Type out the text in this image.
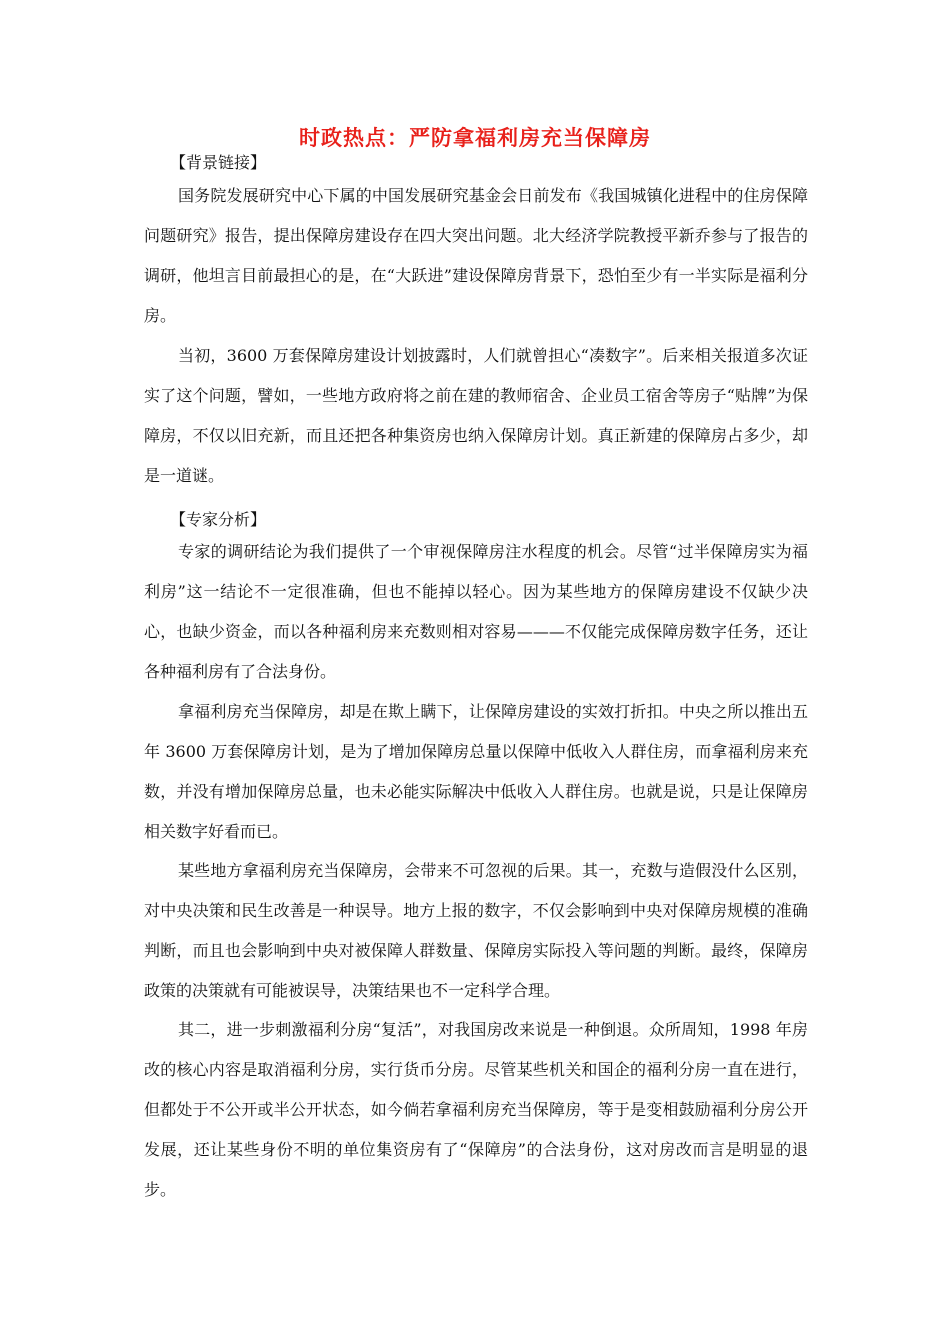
时政热点：严防拿福利房充当保障房
【背景链接】

国务院发展研究中心下属的中国发展研究基金会日前发布《我国城镇化进程中的住房保障问题研究》报告，提出保障房建设存在四大突出问题。北大经济学院教授平新乔参与了报告的调研，他坦言目前最担心的是，在“大跃进”建设保障房背景下，恐怕至少有一半实际是福利分房。

当初，3600 万套保障房建设计划披露时，人们就曾担心“凑数字”。后来相关报道多次证实了这个问题，譬如，一些地方政府将之前在建的教师宿舍、企业员工宿舍等房子“贴牌”为保障房，不仅以旧充新，而且还把各种集资房也纳入保障房计划。真正新建的保障房占多少，却是一道谜。

【专家分析】

专家的调研结论为我们提供了一个审视保障房注水程度的机会。尽管“过半保障房实为福利房”这一结论不一定很准确，但也不能掉以轻心。因为某些地方的保障房建设不仅缺少决心，也缺少资金，而以各种福利房来充数则相对容易———不仅能完成保障房数字任务，还让各种福利房有了合法身份。

拿福利房充当保障房，却是在欺上瞒下，让保障房建设的实效打折扣。中央之所以推出五年 3600 万套保障房计划，是为了增加保障房总量以保障中低收入人群住房，而拿福利房来充数，并没有增加保障房总量，也未必能实际解决中低收入人群住房。也就是说，只是让保障房相关数字好看而已。

某些地方拿福利房充当保障房，会带来不可忽视的后果。其一，充数与造假没什么区别，对中央决策和民生改善是一种误导。地方上报的数字，不仅会影响到中央对保障房规模的准确判断，而且也会影响到中央对被保障人群数量、保障房实际投入等问题的判断。最终，保障房政策的决策就有可能被误导，决策结果也不一定科学合理。

其二，进一步刺激福利分房“复活”，对我国房改来说是一种倒退。众所周知，1998 年房改的核心内容是取消福利分房，实行货币分房。尽管某些机关和国企的福利分房一直在进行，但都处于不公开或半公开状态，如今倘若拿福利房充当保障房，等于是变相鼓励福利分房公开发展，还让某些身份不明的单位集资房有了“保障房”的合法身份，这对房改而言是明显的退步。
